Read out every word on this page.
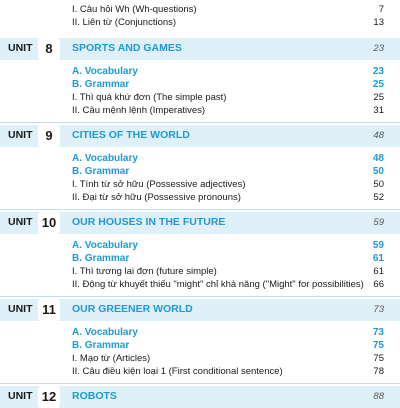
I. Câu hỏi Wh (Wh-questions)	7
II. Liên từ (Conjunctions)	13
UNIT 8	SPORTS AND GAMES	23
A. Vocabulary	23
B. Grammar	25
I. Thì quá khứ đơn (The simple past)	25
II. Câu mệnh lệnh (Imperatives)	31
UNIT 9	CITIES OF THE WORLD	48
A. Vocabulary	48
B. Grammar	50
I. Tính từ sở hữu (Possessive adjectives)	50
II. Đại từ sở hữu (Possessive pronouns)	52
UNIT 10	OUR HOUSES IN THE FUTURE	59
A. Vocabulary	59
B. Grammar	61
I. Thì tương lai đơn (future simple)	61
II. Động từ khuyết thiếu "might" chỉ khả năng ("Might" for possibilities) 66
UNIT 11	OUR GREENER WORLD	73
A. Vocabulary	73
B. Grammar	75
I. Mạo từ (Articles)	75
II. Câu điều kiện loại 1 (First conditional sentence)	78
UNIT 12	ROBOTS	88
